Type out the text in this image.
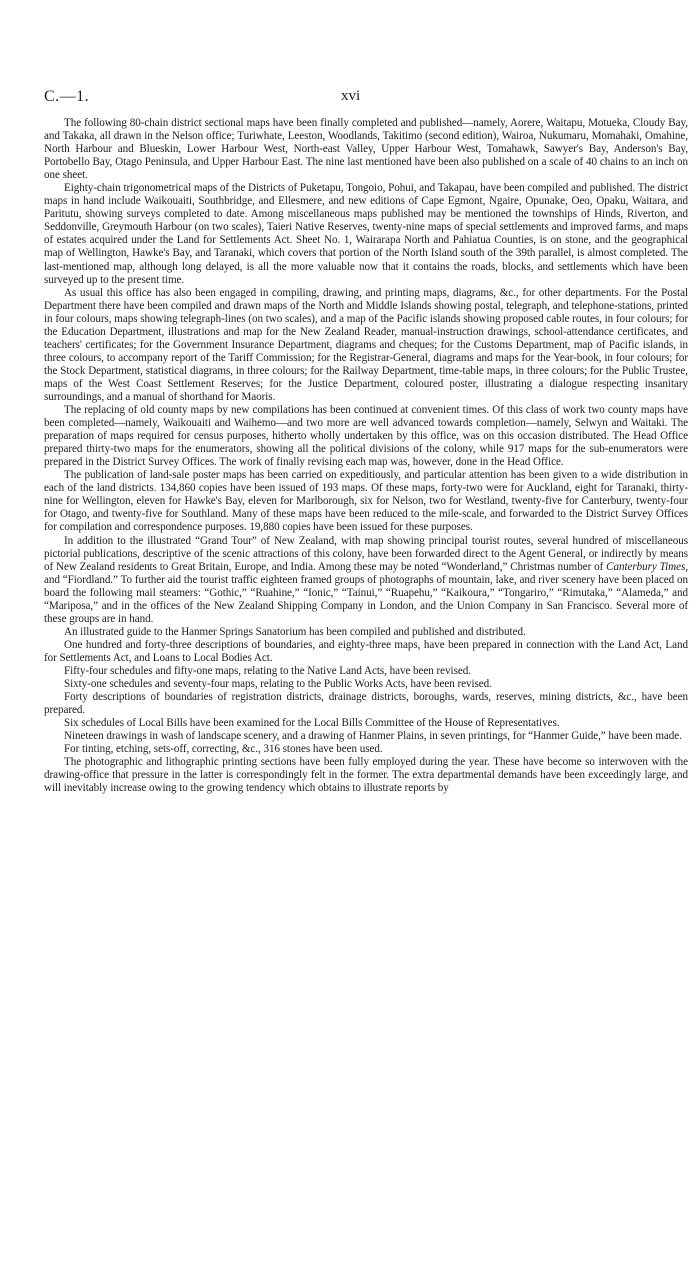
C.—1.	xvi

The following 80-chain district sectional maps have been finally completed and published—namely, Aorere, Waitapu, Motueka, Cloudy Bay, and Takaka, all drawn in the Nelson office; Turiwhate, Leeston, Woodlands, Takitimo (second edition), Wairoa, Nukumaru, Momahaki, Omahine, North Harbour and Blueskin, Lower Harbour West, North-east Valley, Upper Harbour West, Tomahawk, Sawyer's Bay, Anderson's Bay, Portobello Bay, Otago Peninsula, and Upper Harbour East. The nine last mentioned have been also published on a scale of 40 chains to an inch on one sheet.

Eighty-chain trigonometrical maps of the Districts of Puketapu, Tongoio, Pohui, and Takapau, have been compiled and published. The district maps in hand include Waikouaiti, Southbridge, and Ellesmere, and new editions of Cape Egmont, Ngaire, Opunake, Oeo, Opaku, Waitara, and Paritutu, showing surveys completed to date. Among miscellaneous maps published may be mentioned the townships of Hinds, Riverton, and Seddonville, Greymouth Harbour (on two scales), Taieri Native Reserves, twenty-nine maps of special settlements and improved farms, and maps of estates acquired under the Land for Settlements Act. Sheet No. 1, Wairarapa North and Pahiatua Counties, is on stone, and the geographical map of Wellington, Hawke's Bay, and Taranaki, which covers that portion of the North Island south of the 39th parallel, is almost completed. The last-mentioned map, although long delayed, is all the more valuable now that it contains the roads, blocks, and settlements which have been surveyed up to the present time.

As usual this office has also been engaged in compiling, drawing, and printing maps, diagrams, &c., for other departments. For the Postal Department there have been compiled and drawn maps of the North and Middle Islands showing postal, telegraph, and telephone-stations, printed in four colours, maps showing telegraph-lines (on two scales), and a map of the Pacific islands showing proposed cable routes, in four colours; for the Education Department, illustrations and map for the New Zealand Reader, manual-instruction drawings, school-attendance certificates, and teachers' certificates; for the Government Insurance Department, diagrams and cheques; for the Customs Department, map of Pacific islands, in three colours, to accompany report of the Tariff Commission; for the Registrar-General, diagrams and maps for the Year-book, in four colours; for the Stock Department, statistical diagrams, in three colours; for the Railway Department, time-table maps, in three colours; for the Public Trustee, maps of the West Coast Settlement Reserves; for the Justice Department, coloured poster, illustrating a dialogue respecting insanitary surroundings, and a manual of shorthand for Maoris.

The replacing of old county maps by new compilations has been continued at convenient times. Of this class of work two county maps have been completed—namely, Waikouaiti and Waihemo—and two more are well advanced towards completion—namely, Selwyn and Waitaki. The preparation of maps required for census purposes, hitherto wholly undertaken by this office, was on this occasion distributed. The Head Office prepared thirty-two maps for the enumerators, showing all the political divisions of the colony, while 917 maps for the sub-enumerators were prepared in the District Survey Offices. The work of finally revising each map was, however, done in the Head Office.

The publication of land-sale poster maps has been carried on expeditiously, and particular attention has been given to a wide distribution in each of the land districts. 134,860 copies have been issued of 193 maps. Of these maps, forty-two were for Auckland, eight for Taranaki, thirty-nine for Wellington, eleven for Hawke's Bay, eleven for Marlborough, six for Nelson, two for Westland, twenty-five for Canterbury, twenty-four for Otago, and twenty-five for Southland. Many of these maps have been reduced to the mile-scale, and forwarded to the District Survey Offices for compilation and correspondence purposes. 19,880 copies have been issued for these purposes.

In addition to the illustrated “Grand Tour” of New Zealand, with map showing principal tourist routes, several hundred of miscellaneous pictorial publications, descriptive of the scenic attractions of this colony, have been forwarded direct to the Agent General, or indirectly by means of New Zealand residents to Great Britain, Europe, and India. Among these may be noted “Wonderland,” Christmas number of Canterbury Times, and “Fiordland.” To further aid the tourist traffic eighteen framed groups of photographs of mountain, lake, and river scenery have been placed on board the following mail steamers: “Gothic,” “Ruahine,” “Ionic,” “Tainui,” “Ruapehu,” “Kaikoura,” “Tongariro,” “Rimutaka,” “Alameda,” and “Mariposa,” and in the offices of the New Zealand Shipping Company in London, and the Union Company in San Francisco. Several more of these groups are in hand.

An illustrated guide to the Hanmer Springs Sanatorium has been compiled and published and distributed.

One hundred and forty-three descriptions of boundaries, and eighty-three maps, have been prepared in connection with the Land Act, Land for Settlements Act, and Loans to Local Bodies Act.

Fifty-four schedules and fifty-one maps, relating to the Native Land Acts, have been revised.

Sixty-one schedules and seventy-four maps, relating to the Public Works Acts, have been revised.

Forty descriptions of boundaries of registration districts, drainage districts, boroughs, wards, reserves, mining districts, &c., have been prepared.

Six schedules of Local Bills have been examined for the Local Bills Committee of the House of Representatives.

Nineteen drawings in wash of landscape scenery, and a drawing of Hanmer Plains, in seven printings, for “Hanmer Guide,” have been made.

For tinting, etching, sets-off, correcting, &c., 316 stones have been used.

The photographic and lithographic printing sections have been fully employed during the year. These have become so interwoven with the drawing-office that pressure in the latter is correspondingly felt in the former. The extra departmental demands have been exceedingly large, and will inevitably increase owing to the growing tendency which obtains to illustrate reports by
